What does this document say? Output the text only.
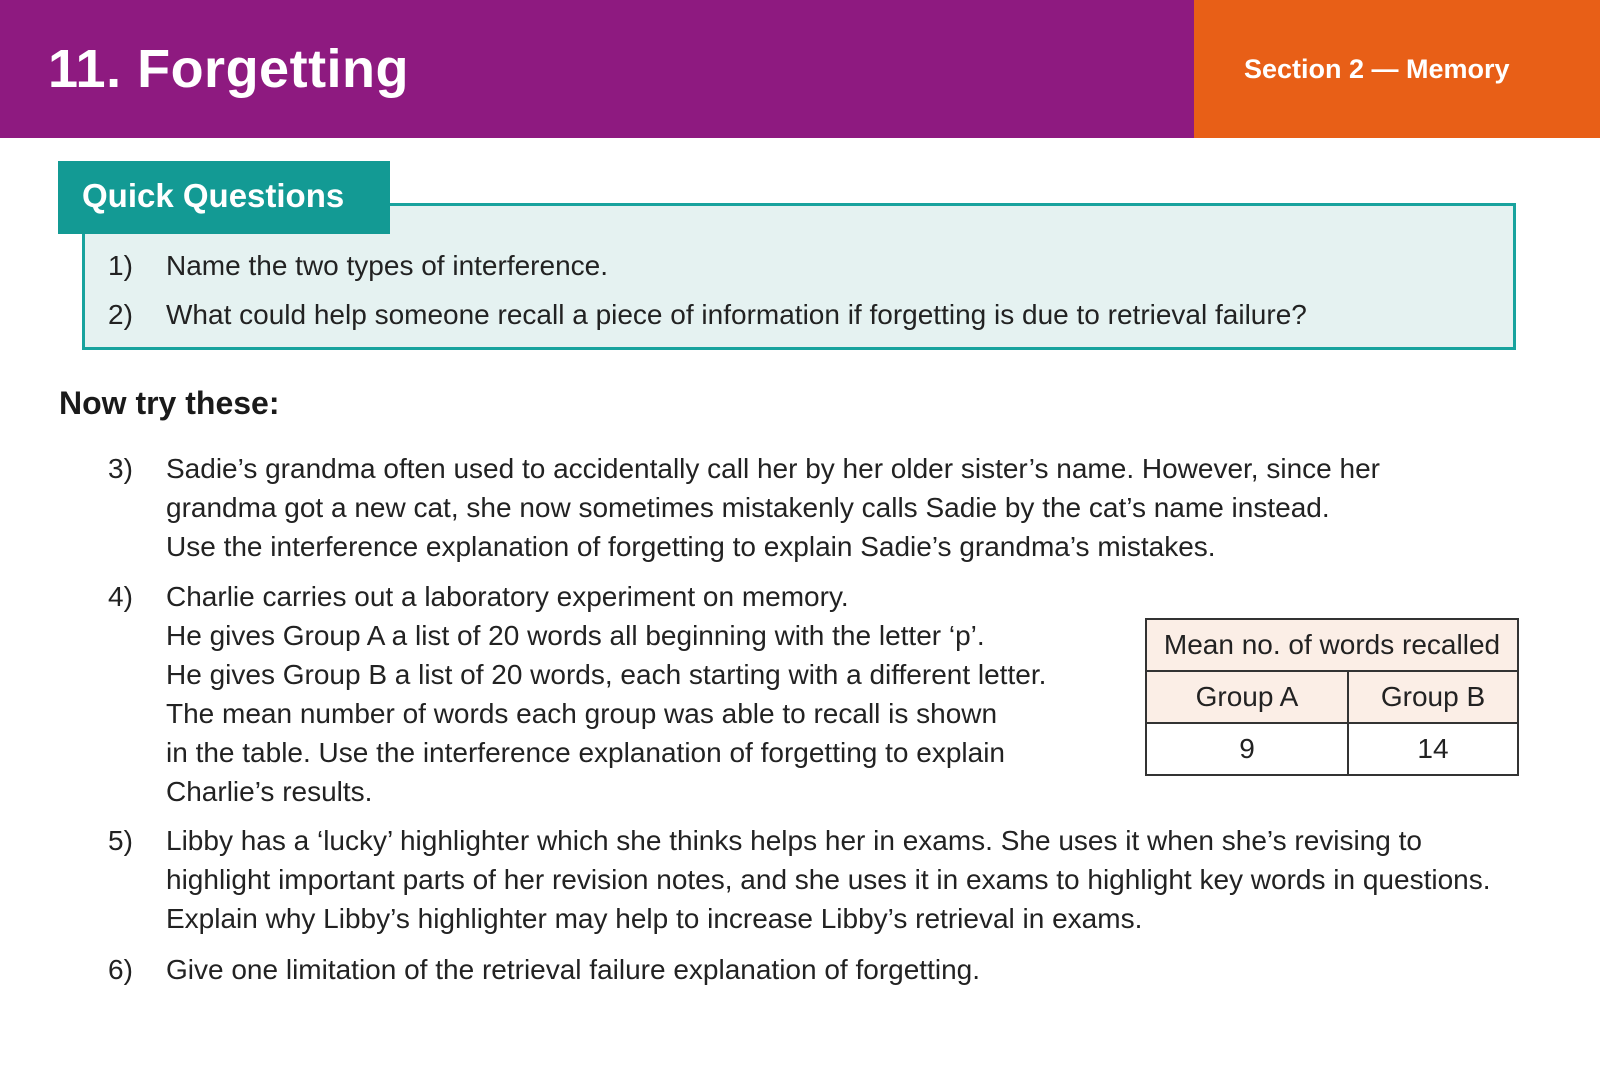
11. Forgetting	Section 2 — Memory
Quick Questions
1) Name the two types of interference.
2) What could help someone recall a piece of information if forgetting is due to retrieval failure?
Now try these:
3) Sadie’s grandma often used to accidentally call her by her older sister’s name. However, since her
grandma got a new cat, she now sometimes mistakenly calls Sadie by the cat’s name instead.
Use the interference explanation of forgetting to explain Sadie’s grandma’s mistakes.
4) Charlie carries out a laboratory experiment on memory.
He gives Group A a list of 20 words all beginning with the letter ‘p’.
He gives Group B a list of 20 words, each starting with a different letter.
The mean number of words each group was able to recall is shown
in the table. Use the interference explanation of forgetting to explain
Charlie’s results.
Mean no. of words recalled	
Group A	Group B
9	14
5) Libby has a ‘lucky’ highlighter which she thinks helps her in exams. She uses it when she’s revising to
highlight important parts of her revision notes, and she uses it in exams to highlight key words in questions.
Explain why Libby’s highlighter may help to increase Libby’s retrieval in exams.
6) Give one limitation of the retrieval failure explanation of forgetting.
